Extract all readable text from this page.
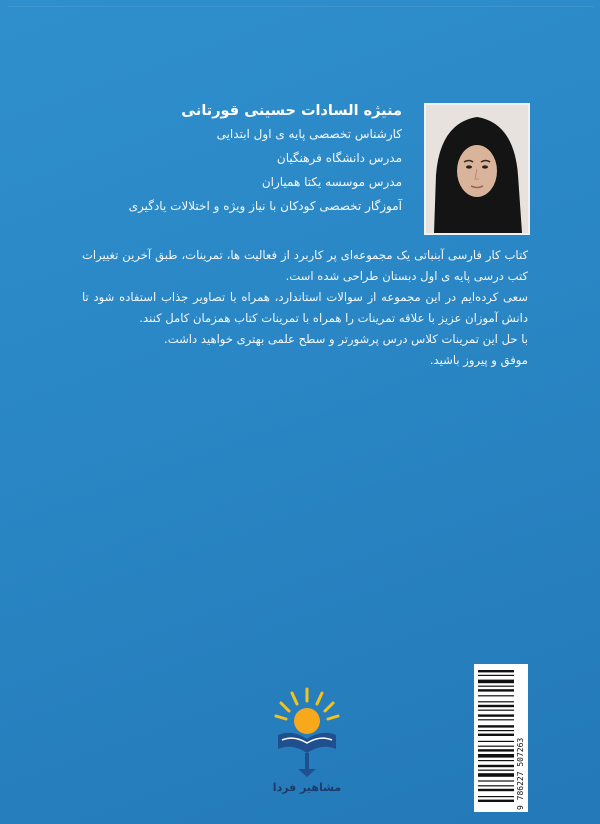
منیژه السادات حسینی قورتانی
کارشناس تخصصی پایه ی اول ابتدایی
مدرس دانشگاه فرهنگیان
مدرس موسسه یکتا همیاران
آموزگار تخصصی کودکان با نیاز ویژه و اختلالات یادگیری

کتاب کار فارسی آبنباتی یک مجموعه‌ای پر کاربرد از فعالیت ها، تمرینات، طبق آخرین تغییرات کتب درسی پایه ی اول دبستان طراحی شده است.

سعی کرده‌ایم در این مجموعه از سوالات استاندارد، همراه با تصاویر جذاب استفاده شود تا دانش آموزان عزیز با علاقه تمرینات را همراه با تمرینات کتاب همزمان کامل کنند.

با حل این تمرینات کلاس درس پرشورتر و سطح علمی بهتری خواهید داشت.

موفق و پیروز باشید.

مشاهیر فردا	9 786227 507263
